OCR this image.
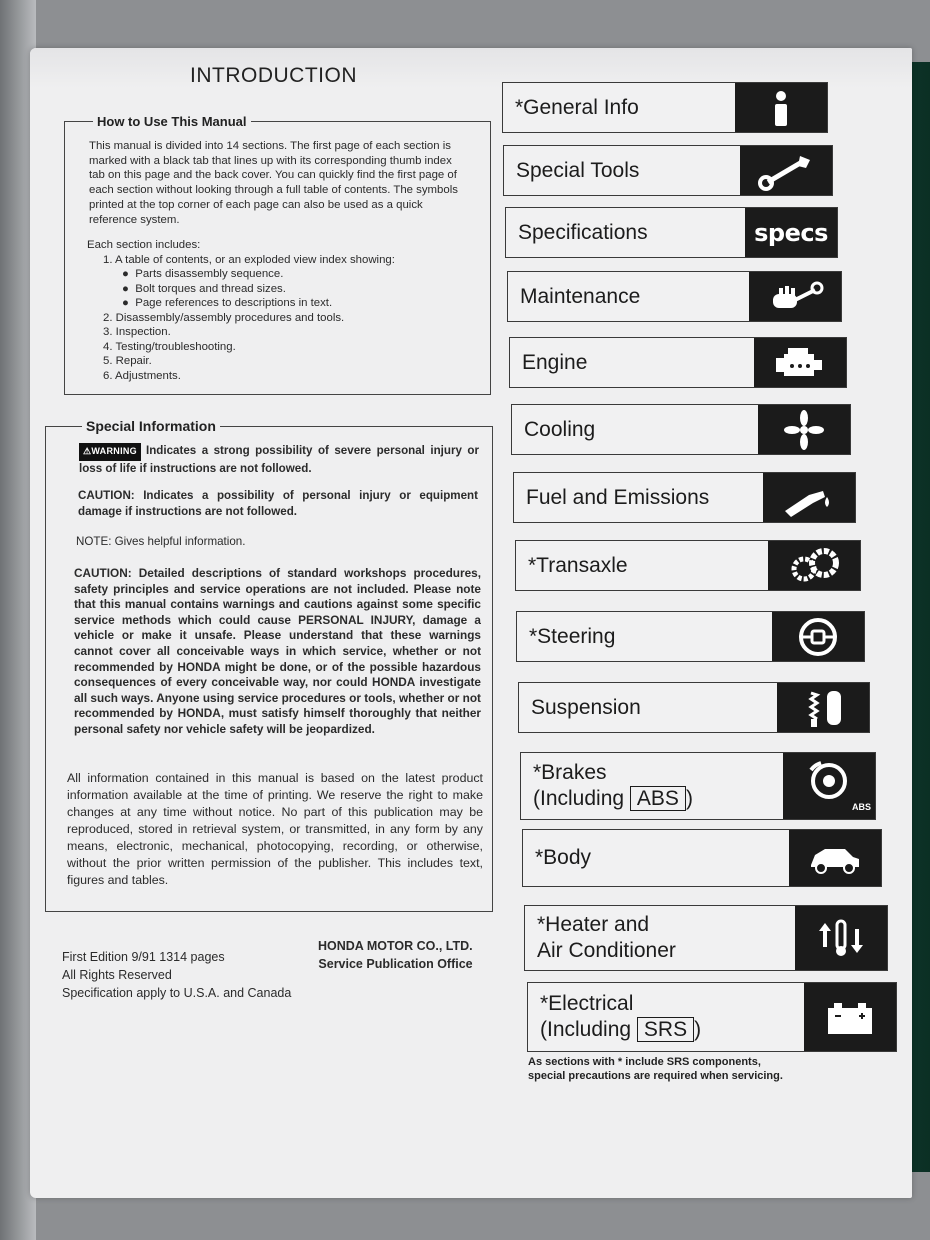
INTRODUCTION
How to Use This Manual
This manual is divided into 14 sections. The first page of each section is marked with a black tab that lines up with its corresponding thumb index tab on this page and the back cover. You can quickly find the first page of each section without looking through a full table of contents. The symbols printed at the top corner of each page can also be used as a quick reference system.
Each section includes:
1. A table of contents, or an exploded view index showing:
●  Parts disassembly sequence.
●  Bolt torques and thread sizes.
●  Page references to descriptions in text.
2. Disassembly/assembly procedures and tools.
3. Inspection.
4. Testing/troubleshooting.
5. Repair.
6. Adjustments.
Special Information
⚠WARNING Indicates a strong possibility of severe personal injury or loss of life if instructions are not followed.
CAUTION: Indicates a possibility of personal injury or equipment damage if instructions are not followed.
NOTE: Gives helpful information.
CAUTION: Detailed descriptions of standard workshops procedures, safety principles and service operations are not included. Please note that this manual contains warnings and cautions against some specific service methods which could cause PERSONAL INJURY, damage a vehicle or make it unsafe. Please understand that these warnings cannot cover all conceivable ways in which service, whether or not recommended by HONDA might be done, or of the possible hazardous consequences of every conceivable way, nor could HONDA investigate all such ways. Anyone using service procedures or tools, whether or not recommended by HONDA, must satisfy himself thoroughly that neither personal safety nor vehicle safety will be jeopardized.
All information contained in this manual is based on the latest product information available at the time of printing. We reserve the right to make changes at any time without notice. No part of this publication may be reproduced, stored in retrieval system, or transmitted, in any form by any means, electronic, mechanical, photocopying, recording, or otherwise, without the prior written permission of the publisher. This includes text, figures and tables.
First Edition 9/91 1314 pages
All Rights Reserved
Specification apply to U.S.A. and Canada
HONDA MOTOR CO., LTD.
Service Publication Office
*General Info
Special Tools
Specifications	specs
Maintenance
Engine
Cooling
Fuel and Emissions
*Transaxle
*Steering
Suspension
*Brakes
(Including ABS )	ABS
*Body
*Heater and
Air Conditioner
*Electrical
(Including SRS )
As sections with * include SRS components, special precautions are required when servicing.
